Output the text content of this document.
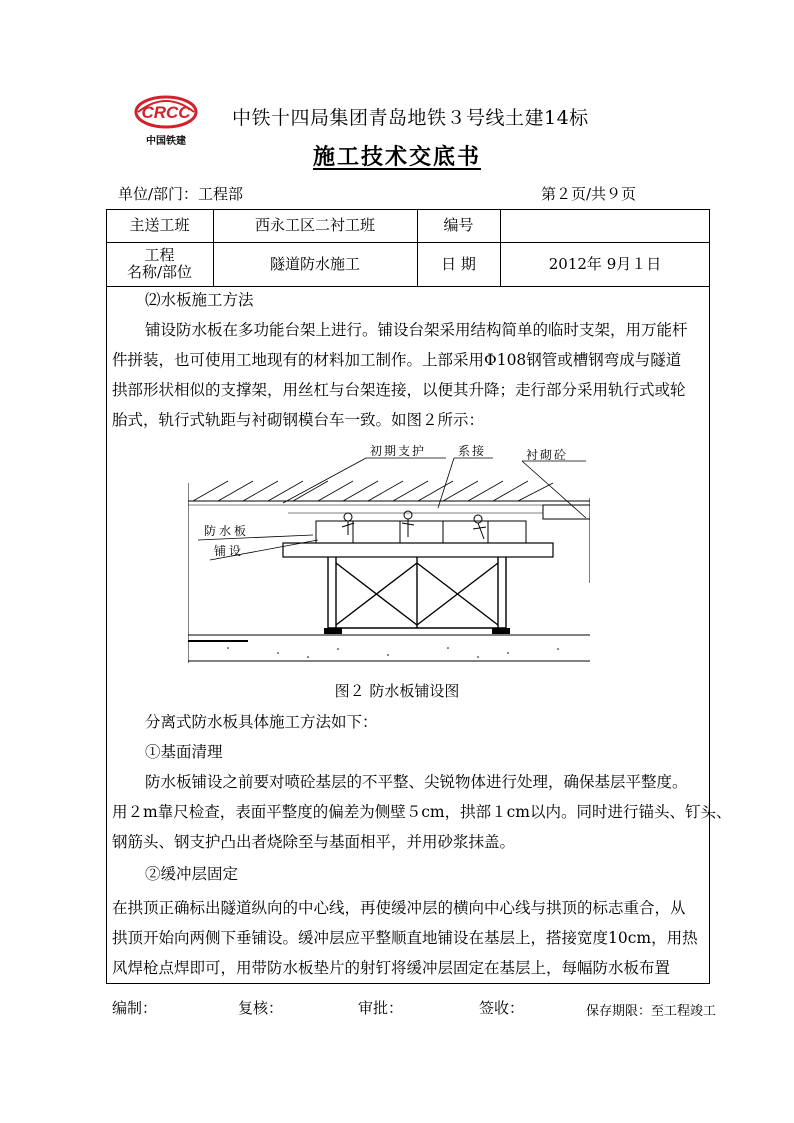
CRCC
中国铁建
中铁十四局集团青岛地铁３号线土建14标
施工技术交底书
单位/部门：工程部	第２页/共９页
主送工班	西永工区二衬工班	编号
工程
名称/部位	隧道防水施工	日 期	2012年 9月１日
⑵水板施工方法
铺设防水板在多功能台架上进行。铺设台架采用结构简单的临时支架，用万能杆
件拼装，也可使用工地现有的材料加工制作。上部采用Φ108钢管或槽钢弯成与隧道
拱部形状相似的支撑架，用丝杠与台架连接，以便其升降；走行部分采用轨行式或轮
胎式，轨行式轨距与衬砌钢模台车一致。如图２所示：
初期支护	系接	衬砌砼
防水板
铺设
图２ 防水板铺设图
分离式防水板具体施工方法如下：
①基面清理
防水板铺设之前要对喷砼基层的不平整、尖锐物体进行处理，确保基层平整度。
用２m靠尺检查，表面平整度的偏差为侧壁５cm，拱部１cm以内。同时进行锚头、钉头、
钢筋头、钢支护凸出者烧除至与基面相平，并用砂浆抹盖。
②缓冲层固定
在拱顶正确标出隧道纵向的中心线，再使缓冲层的横向中心线与拱顶的标志重合，从
拱顶开始向两侧下垂铺设。缓冲层应平整顺直地铺设在基层上，搭接宽度10cm，用热
风焊枪点焊即可，用带防水板垫片的射钉将缓冲层固定在基层上，每幅防水板布置
编制：	复核：	审批：	签收：	保存期限：至工程竣工
